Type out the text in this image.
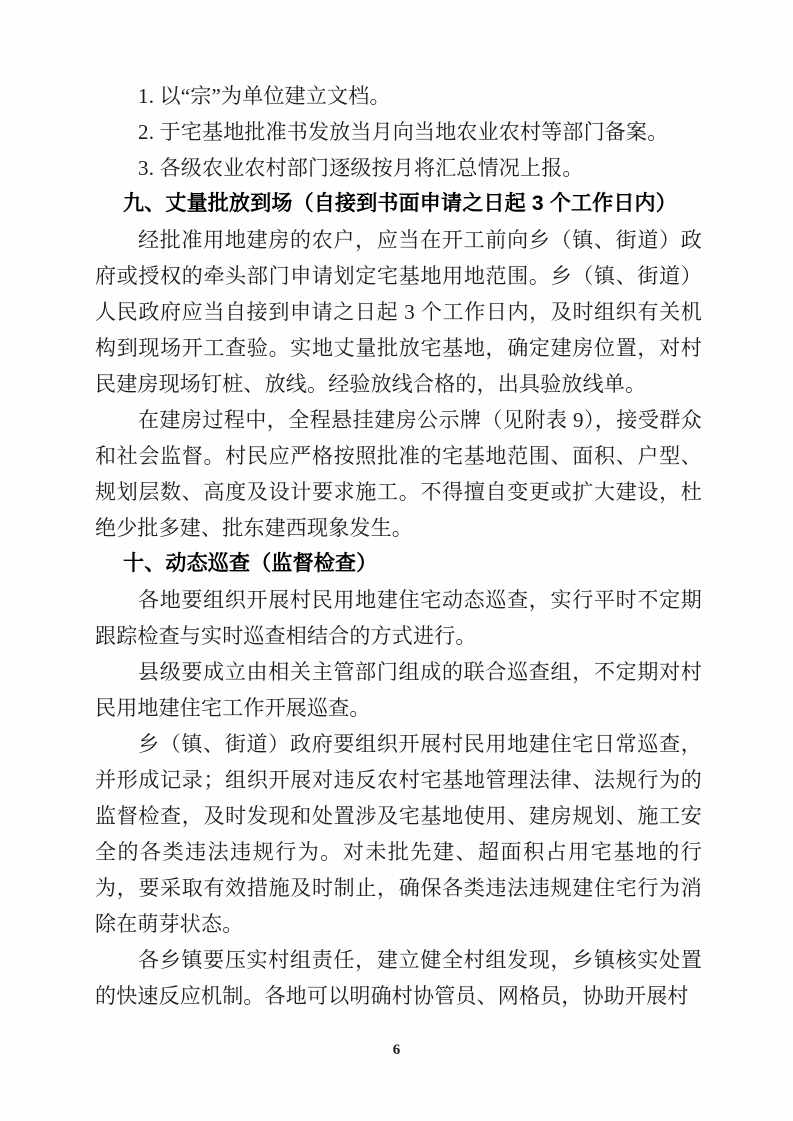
1. 以“宗”为单位建立文档。

2. 于宅基地批准书发放当月向当地农业农村等部门备案。

3. 各级农业农村部门逐级按月将汇总情况上报。

九、丈量批放到场（自接到书面申请之日起 3 个工作日内）

经批准用地建房的农户，应当在开工前向乡（镇、街道）政府或授权的牵头部门申请划定宅基地用地范围。乡（镇、街道）人民政府应当自接到申请之日起 3 个工作日内，及时组织有关机构到现场开工查验。实地丈量批放宅基地，确定建房位置，对村民建房现场钉桩、放线。经验放线合格的，出具验放线单。

在建房过程中，全程悬挂建房公示牌（见附表 9），接受群众和社会监督。村民应严格按照批准的宅基地范围、面积、户型、规划层数、高度及设计要求施工。不得擅自变更或扩大建设，杜绝少批多建、批东建西现象发生。

十、动态巡查（监督检查）

各地要组织开展村民用地建住宅动态巡查，实行平时不定期跟踪检查与实时巡查相结合的方式进行。

县级要成立由相关主管部门组成的联合巡查组，不定期对村民用地建住宅工作开展巡查。

乡（镇、街道）政府要组织开展村民用地建住宅日常巡查，并形成记录；组织开展对违反农村宅基地管理法律、法规行为的监督检查，及时发现和处置涉及宅基地使用、建房规划、施工安全的各类违法违规行为。对未批先建、超面积占用宅基地的行为，要采取有效措施及时制止，确保各类违法违规建住宅行为消除在萌芽状态。

各乡镇要压实村组责任，建立健全村组发现，乡镇核实处置的快速反应机制。各地可以明确村协管员、网格员，协助开展村

6
